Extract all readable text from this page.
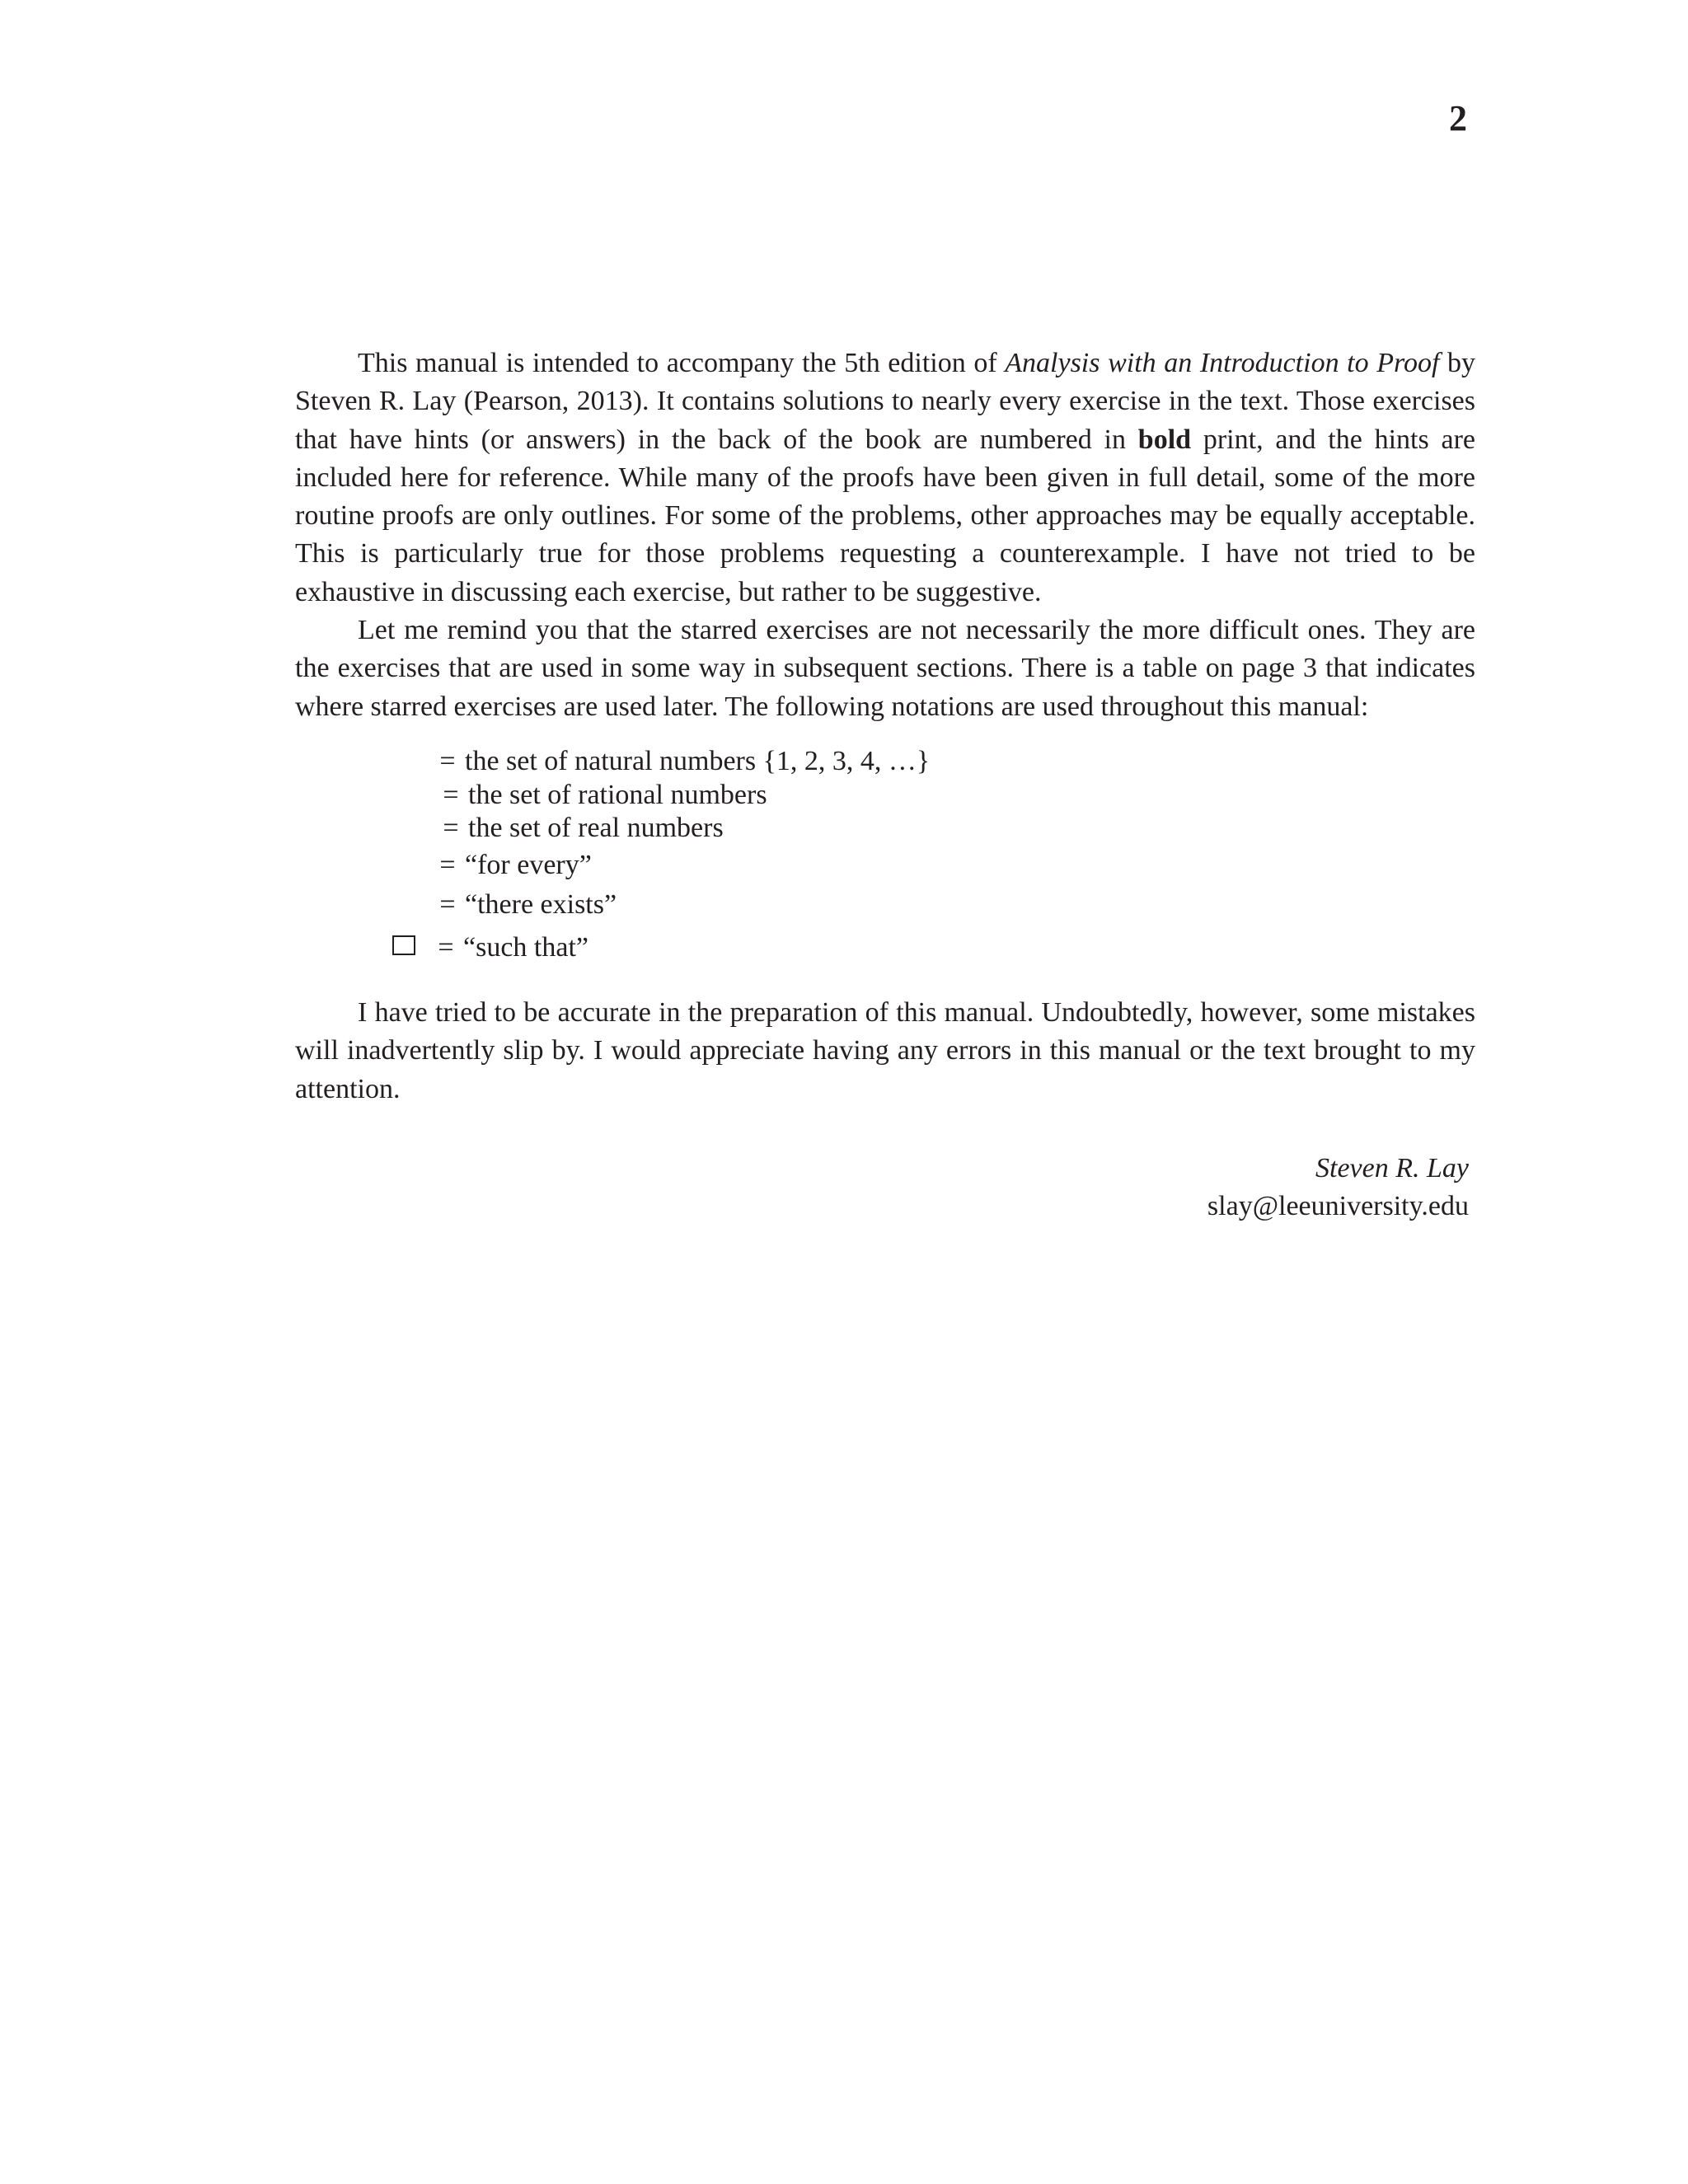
2

This manual is intended to accompany the 5th edition of Analysis with an Introduction to Proof by Steven R. Lay (Pearson, 2013). It contains solutions to nearly every exercise in the text. Those exercises that have hints (or answers) in the back of the book are numbered in bold print, and the hints are included here for reference. While many of the proofs have been given in full detail, some of the more routine proofs are only outlines. For some of the problems, other approaches may be equally acceptable. This is particularly true for those problems requesting a counterexample. I have not tried to be exhaustive in discussing each exercise, but rather to be suggestive.

Let me remind you that the starred exercises are not necessarily the more difficult ones. They are the exercises that are used in some way in subsequent sections. There is a table on page 3 that indicates where starred exercises are used later. The following notations are used throughout this manual:

= the set of natural numbers {1, 2, 3, 4, …}
= the set of rational numbers
= the set of real numbers
= “for every”
= “there exists”
= “such that”

I have tried to be accurate in the preparation of this manual. Undoubtedly, however, some mistakes will inadvertently slip by. I would appreciate having any errors in this manual or the text brought to my attention.

Steven R. Lay
slay@leeuniversity.edu
